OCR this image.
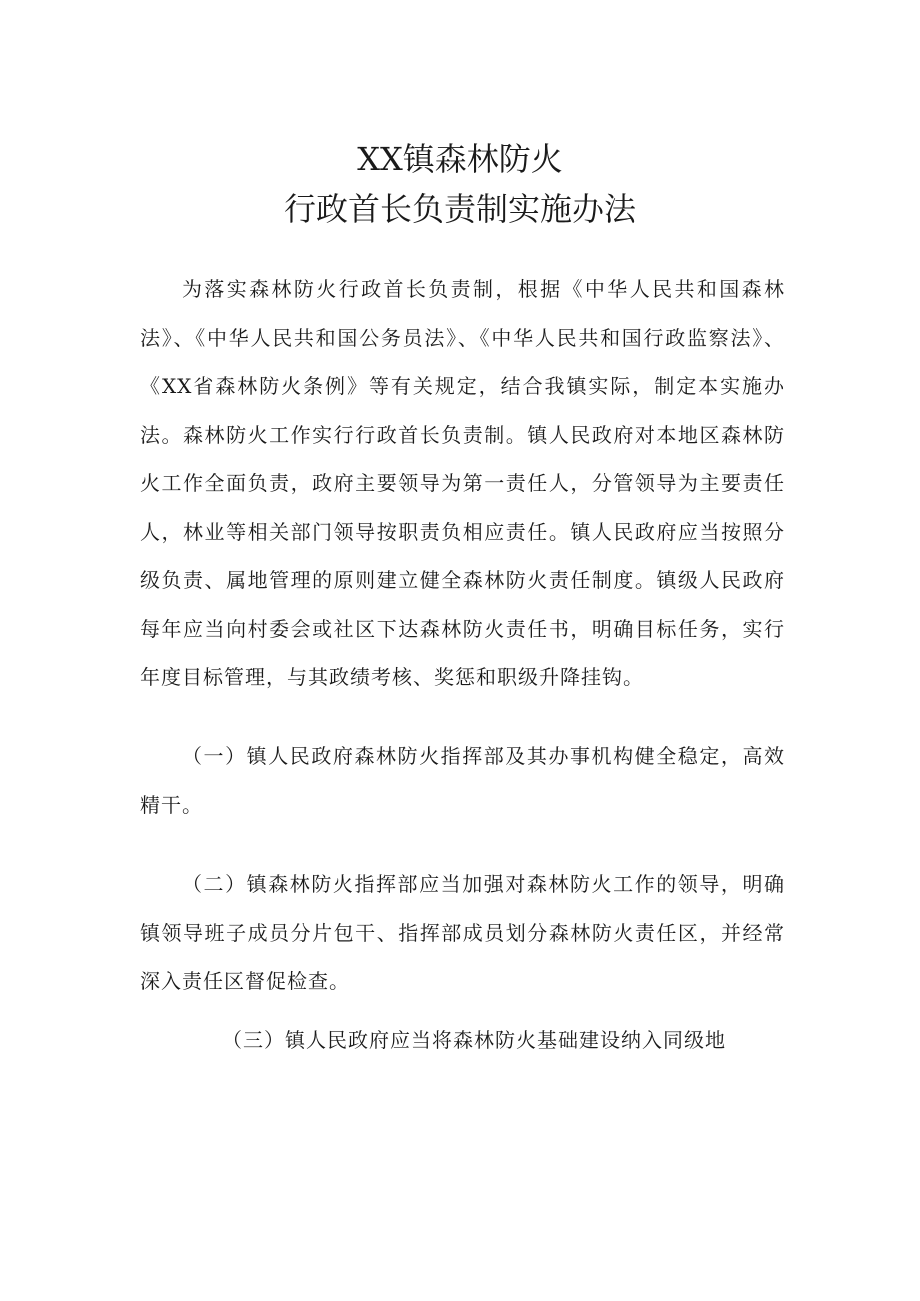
XX镇森林防火
行政首长负责制实施办法

为落实森林防火行政首长负责制，根据《中华人民共和国森林法》、《中华人民共和国公务员法》、《中华人民共和国行政监察法》、《XX省森林防火条例》等有关规定，结合我镇实际，制定本实施办法。森林防火工作实行行政首长负责制。镇人民政府对本地区森林防火工作全面负责，政府主要领导为第一责任人，分管领导为主要责任人，林业等相关部门领导按职责负相应责任。镇人民政府应当按照分级负责、属地管理的原则建立健全森林防火责任制度。镇级人民政府每年应当向村委会或社区下达森林防火责任书，明确目标任务，实行年度目标管理，与其政绩考核、奖惩和职级升降挂钩。

（一）镇人民政府森林防火指挥部及其办事机构健全稳定，高效精干。

（二）镇森林防火指挥部应当加强对森林防火工作的领导，明确镇领导班子成员分片包干、指挥部成员划分森林防火责任区，并经常深入责任区督促检查。

（三）镇人民政府应当将森林防火基础建设纳入同级地
